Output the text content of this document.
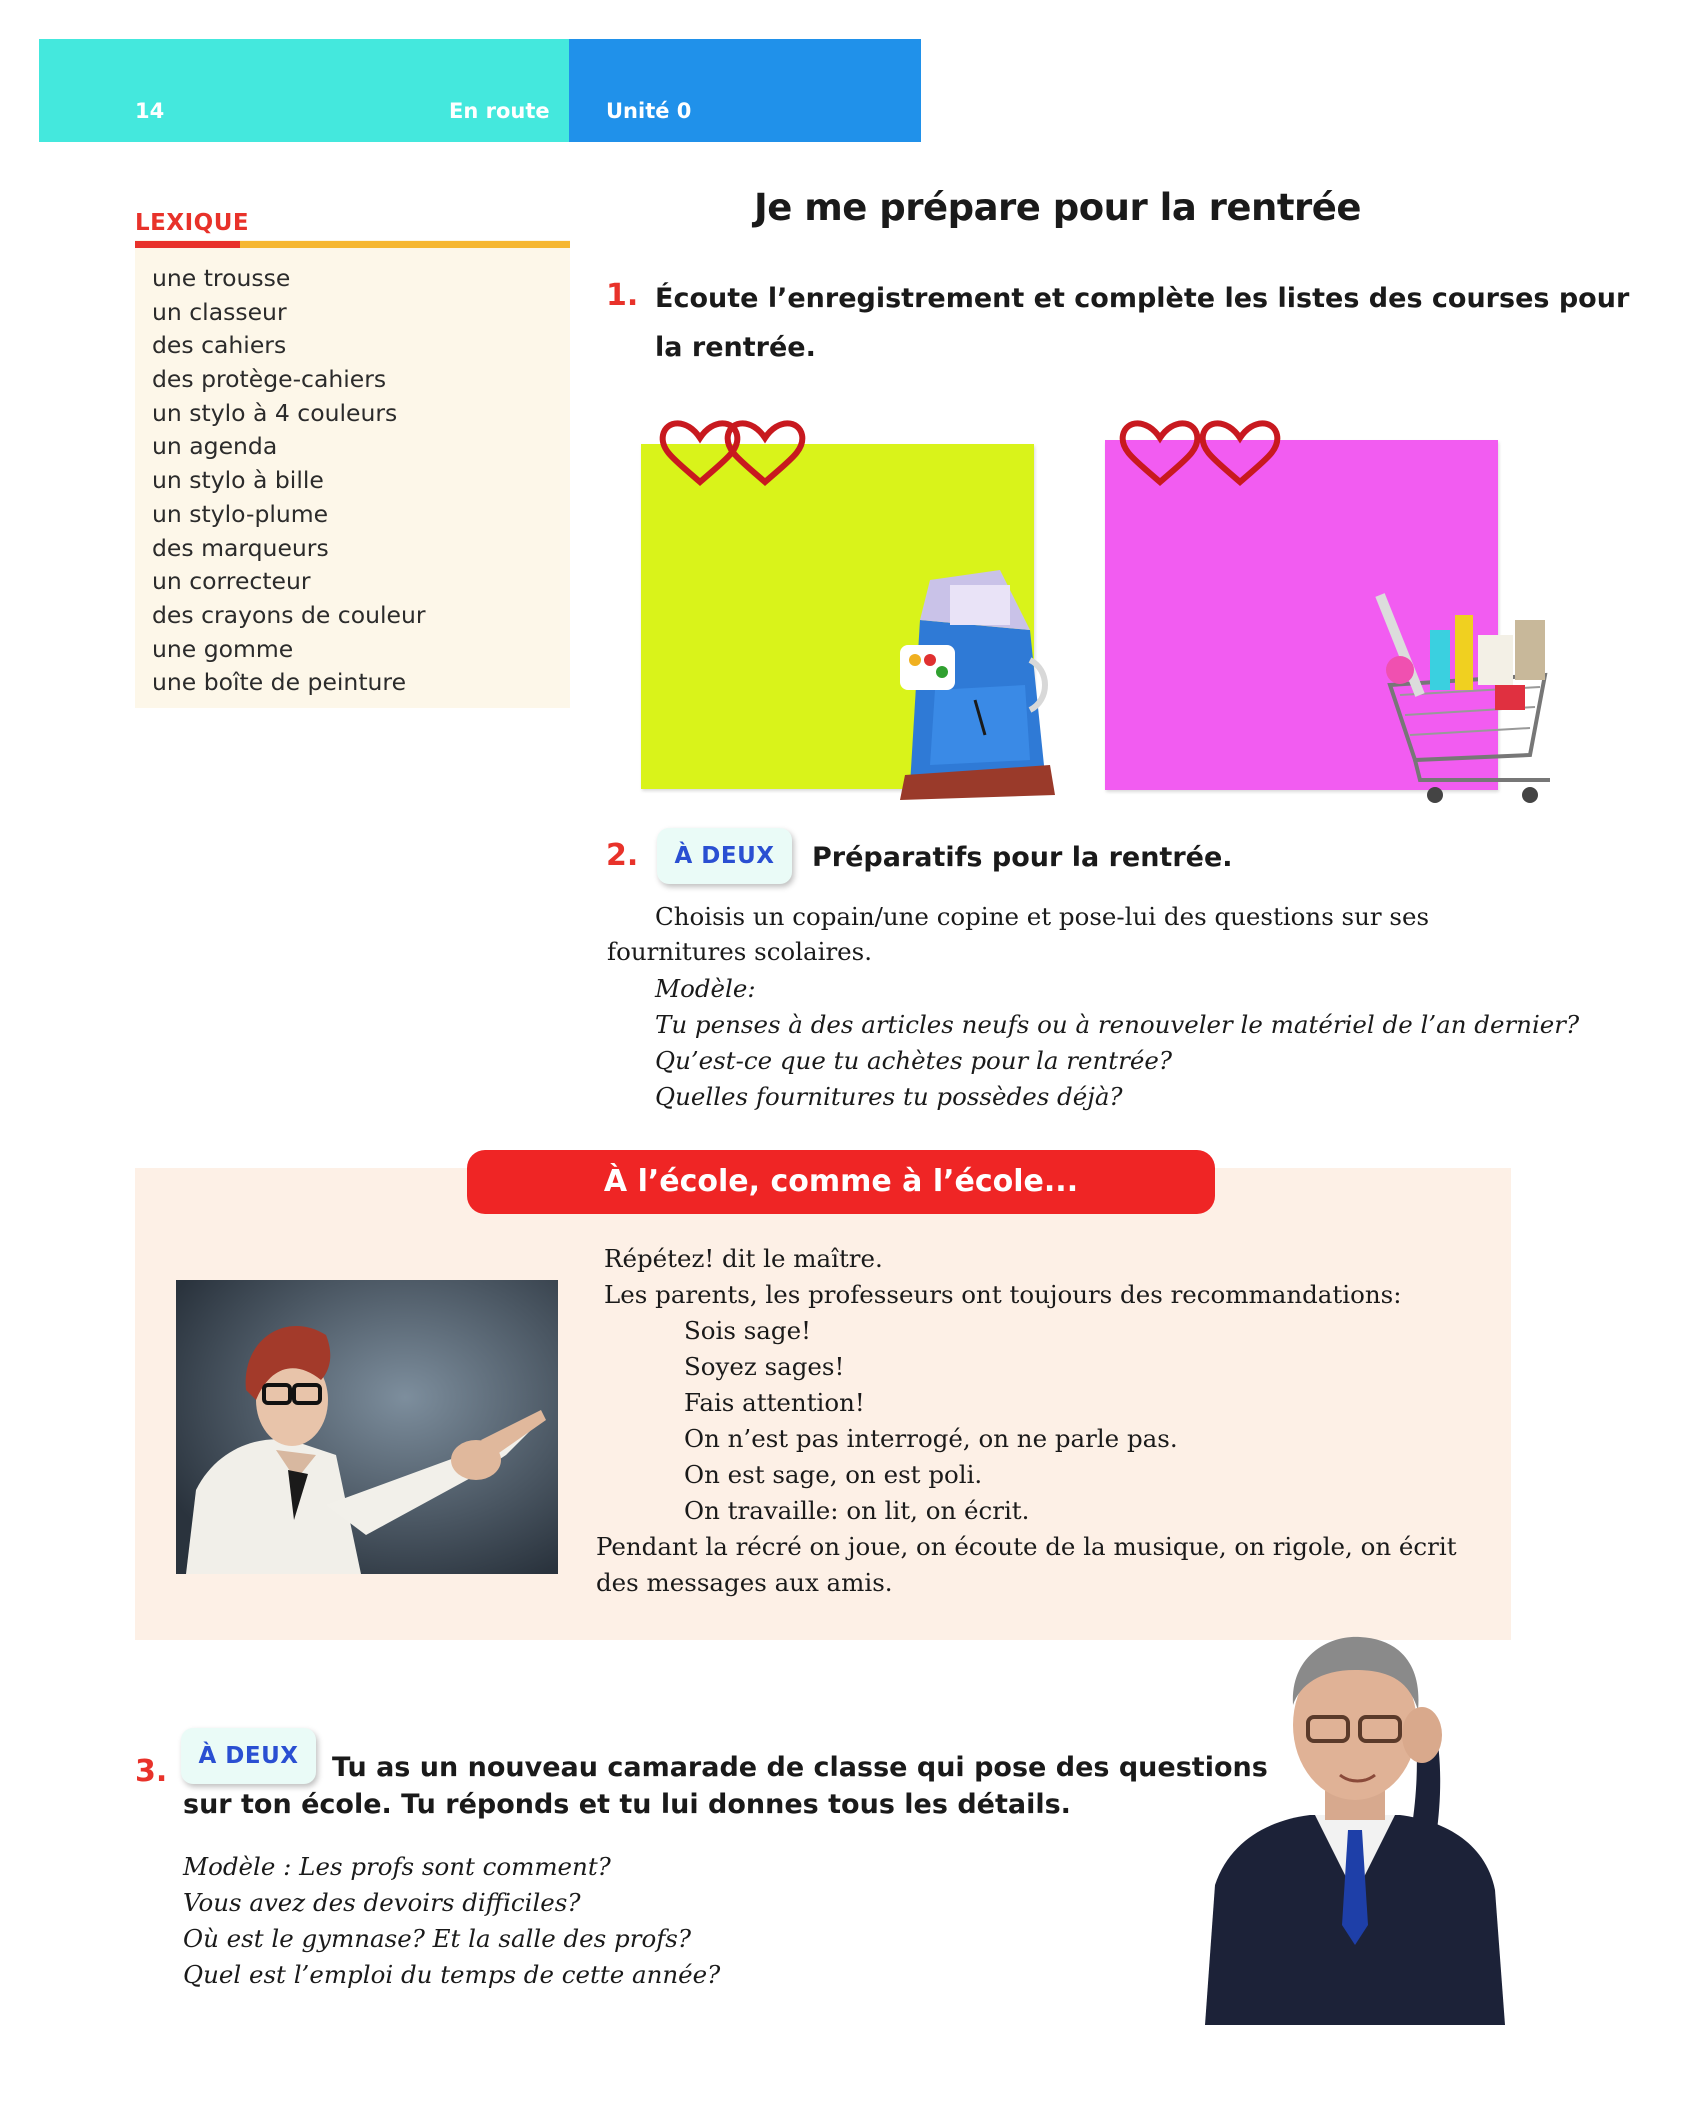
14	En route	Unité 0
LEXIQUE
une trousse
un classeur
des cahiers
des protège-cahiers
un stylo à 4 couleurs
un agenda
un stylo à bille
un stylo-plume
des marqueurs
un correcteur
des crayons de couleur
une gomme
une boîte de peinture
Je me prépare pour la rentrée
1. Écoute l’enregistrement et complète les listes des courses pour
la rentrée.
2.	À DEUX	Préparatifs pour la rentrée.
Choisis un copain/une copine et pose-lui des questions sur ses
fournitures scolaires.
Modèle:
Tu penses à des articles neufs ou à renouveler le matériel de l’an dernier?
Qu’est-ce que tu achètes pour la rentrée?
Quelles fournitures tu possèdes déjà?
À l’école, comme à l’école...
Répétez! dit le maître.
Les parents, les professeurs ont toujours des recommandations:
Sois sage!
Soyez sages!
Fais attention!
On n’est pas interrogé, on ne parle pas.
On est sage, on est poli.
On travaille: on lit, on écrit.
Pendant la récré on joue, on écoute de la musique, on rigole, on écrit
des messages aux amis.
3.	À DEUX	Tu as un nouveau camarade de classe qui pose des questions
sur ton école. Tu réponds et tu lui donnes tous les détails.
Modèle : Les profs sont comment?
Vous avez des devoirs difficiles?
Où est le gymnase? Et la salle des profs?
Quel est l’emploi du temps de cette année?
